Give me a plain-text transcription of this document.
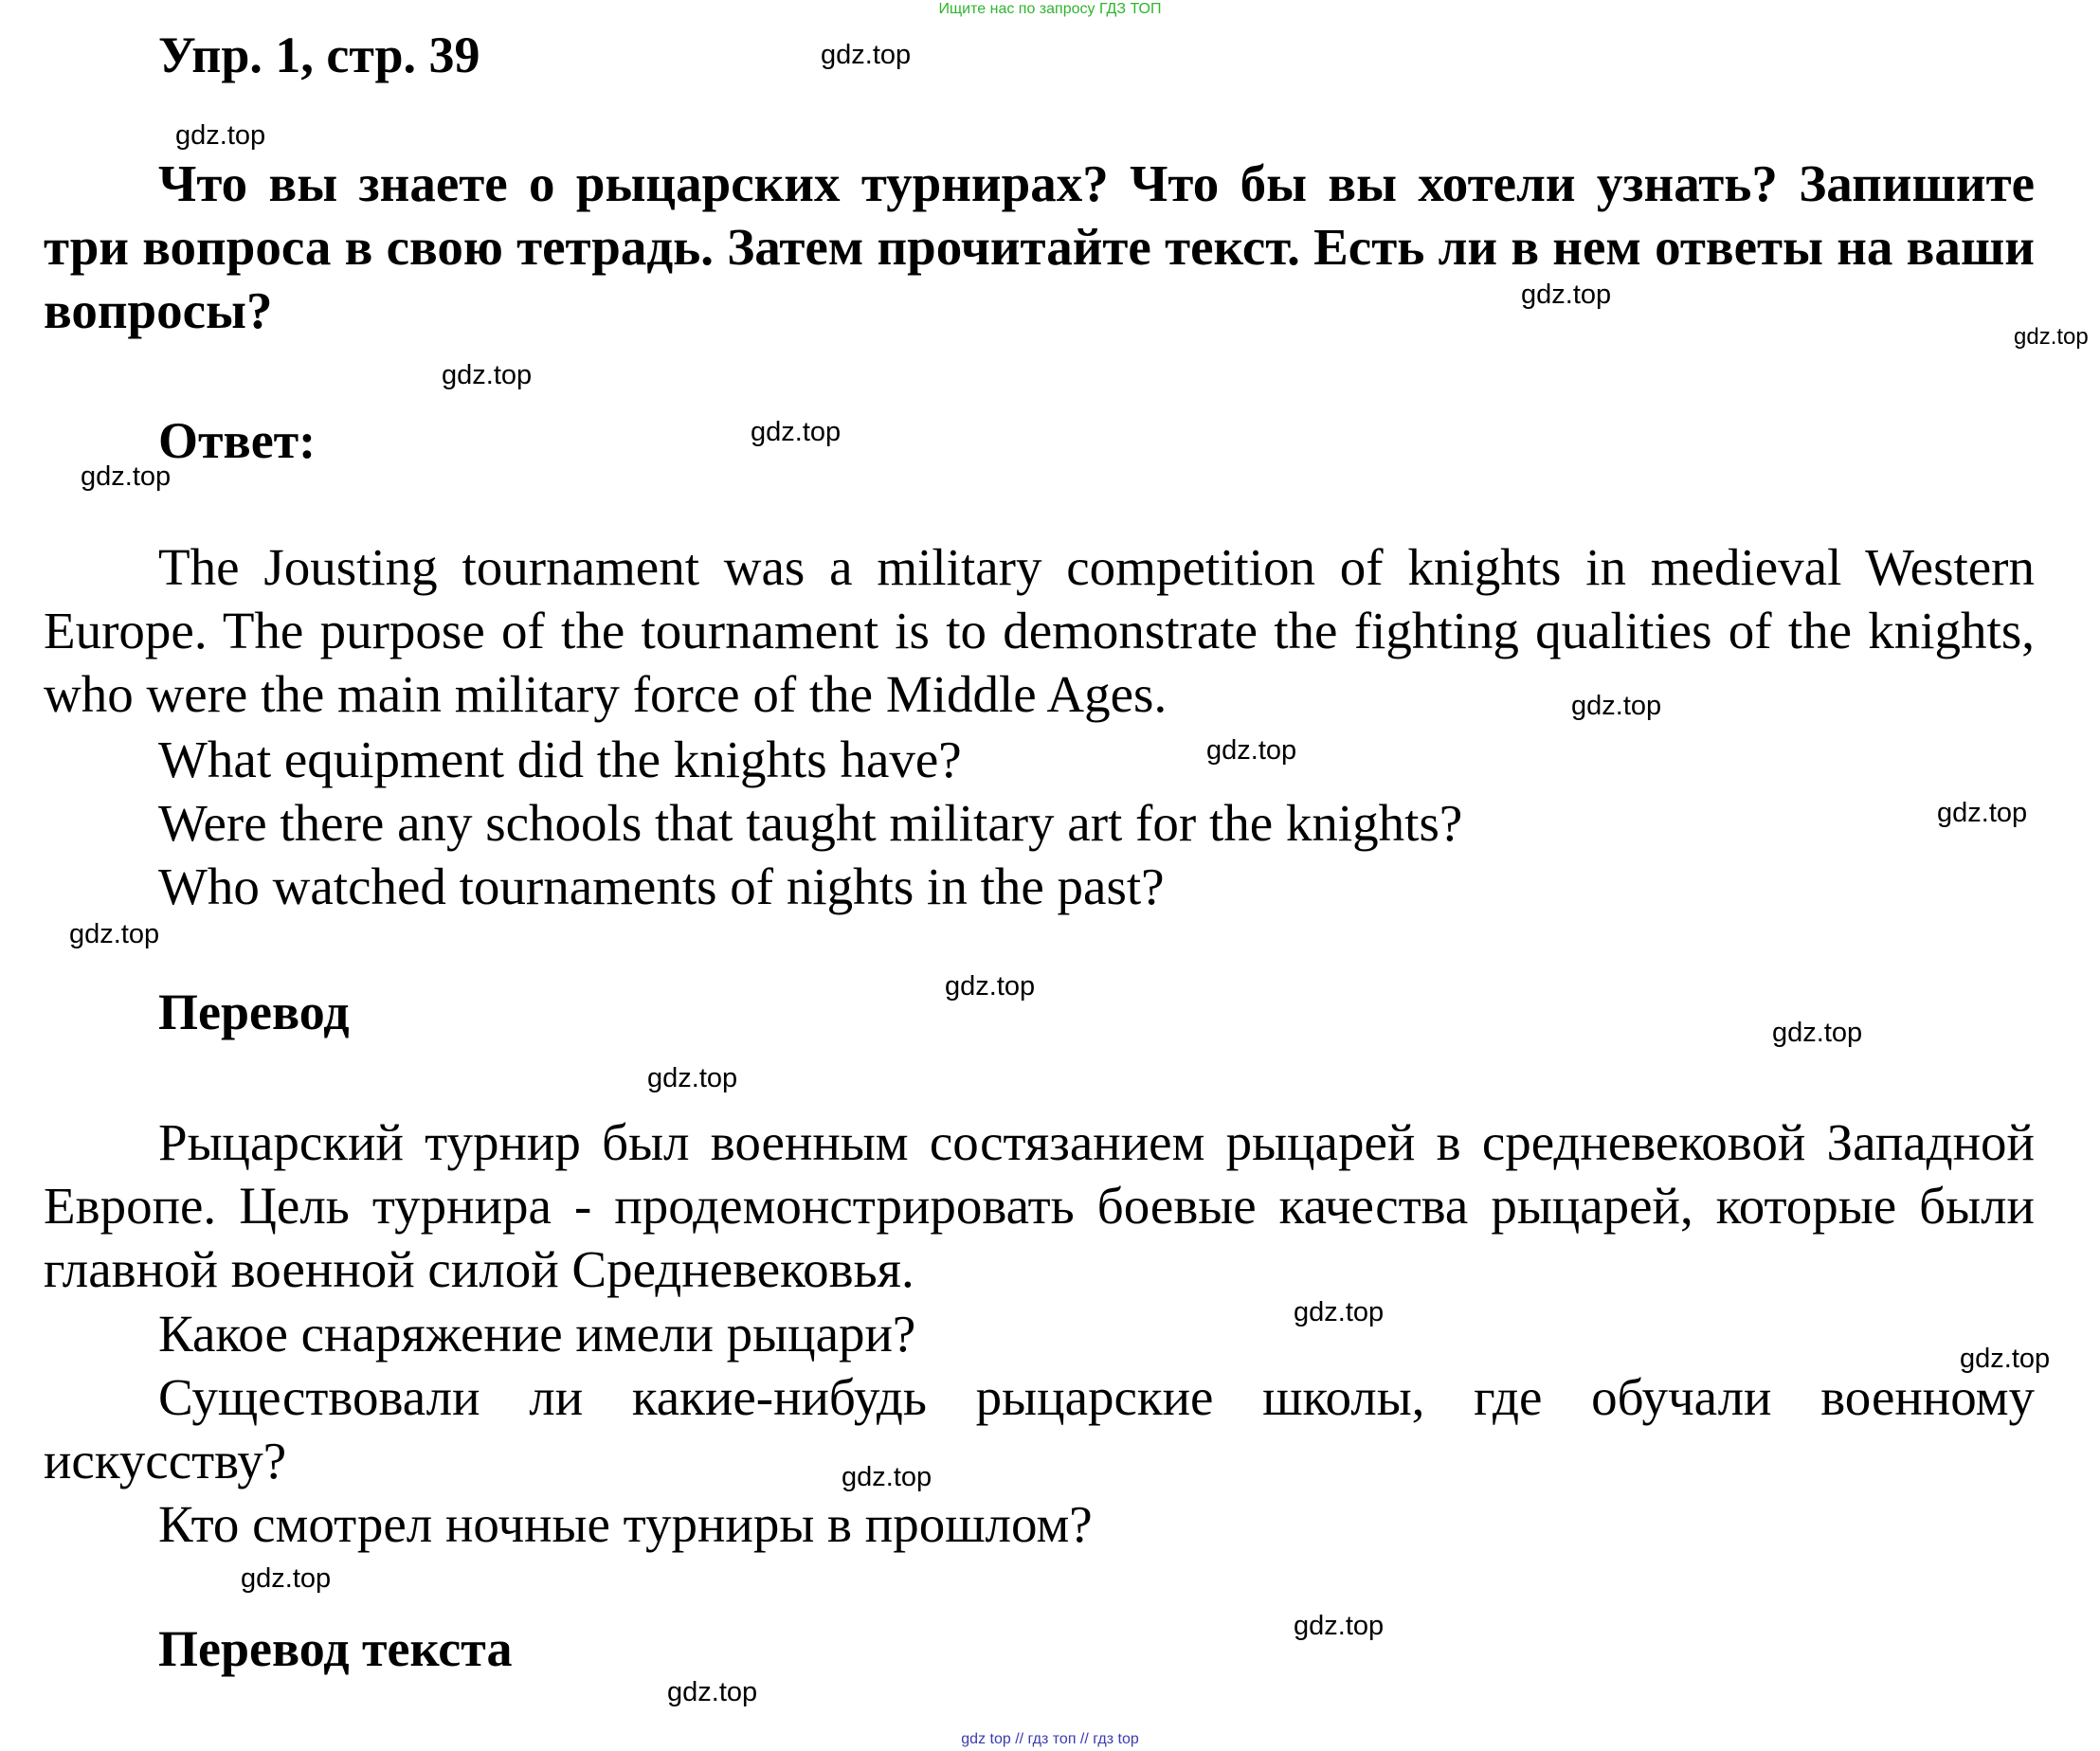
Ищите нас по запросу ГДЗ ТОП
Упр. 1, стр. 39

Что вы знаете о рыцарских турнирах? Что бы вы хотели узнать? Запишите три вопроса в свою тетрадь. Затем прочитайте текст. Есть ли в нем ответы на ваши вопросы?

Ответ:

The Jousting tournament was a military competition of knights in medieval Western Europe. The purpose of the tournament is to demonstrate the fighting qualities of the knights, who were the main military force of the Middle Ages.

What equipment did the knights have?
Were there any schools that taught military art for the knights?
Who watched tournaments of nights in the past?
Перевод

Рыцарский турнир был военным состязанием рыцарей в средневековой Западной Европе. Цель турнира - продемонстрировать боевые качества рыцарей, которые были главной военной силой Средневековья.

Какое снаряжение имели рыцари?

Существовали ли какие-нибудь рыцарские школы, где обучали военному искусству?

Кто смотрел ночные турниры в прошлом?
Перевод текста
gdz.top
gdz.top
gdz.top
gdz.top
gdz.top
gdz.top
gdz.top
gdz.top
gdz.top
gdz.top
gdz.top
gdz.top
gdz.top
gdz.top
gdz.top
gdz.top
gdz.top
gdz.top
gdz.top
gdz.top
gdz top // гдз топ // гдз top
